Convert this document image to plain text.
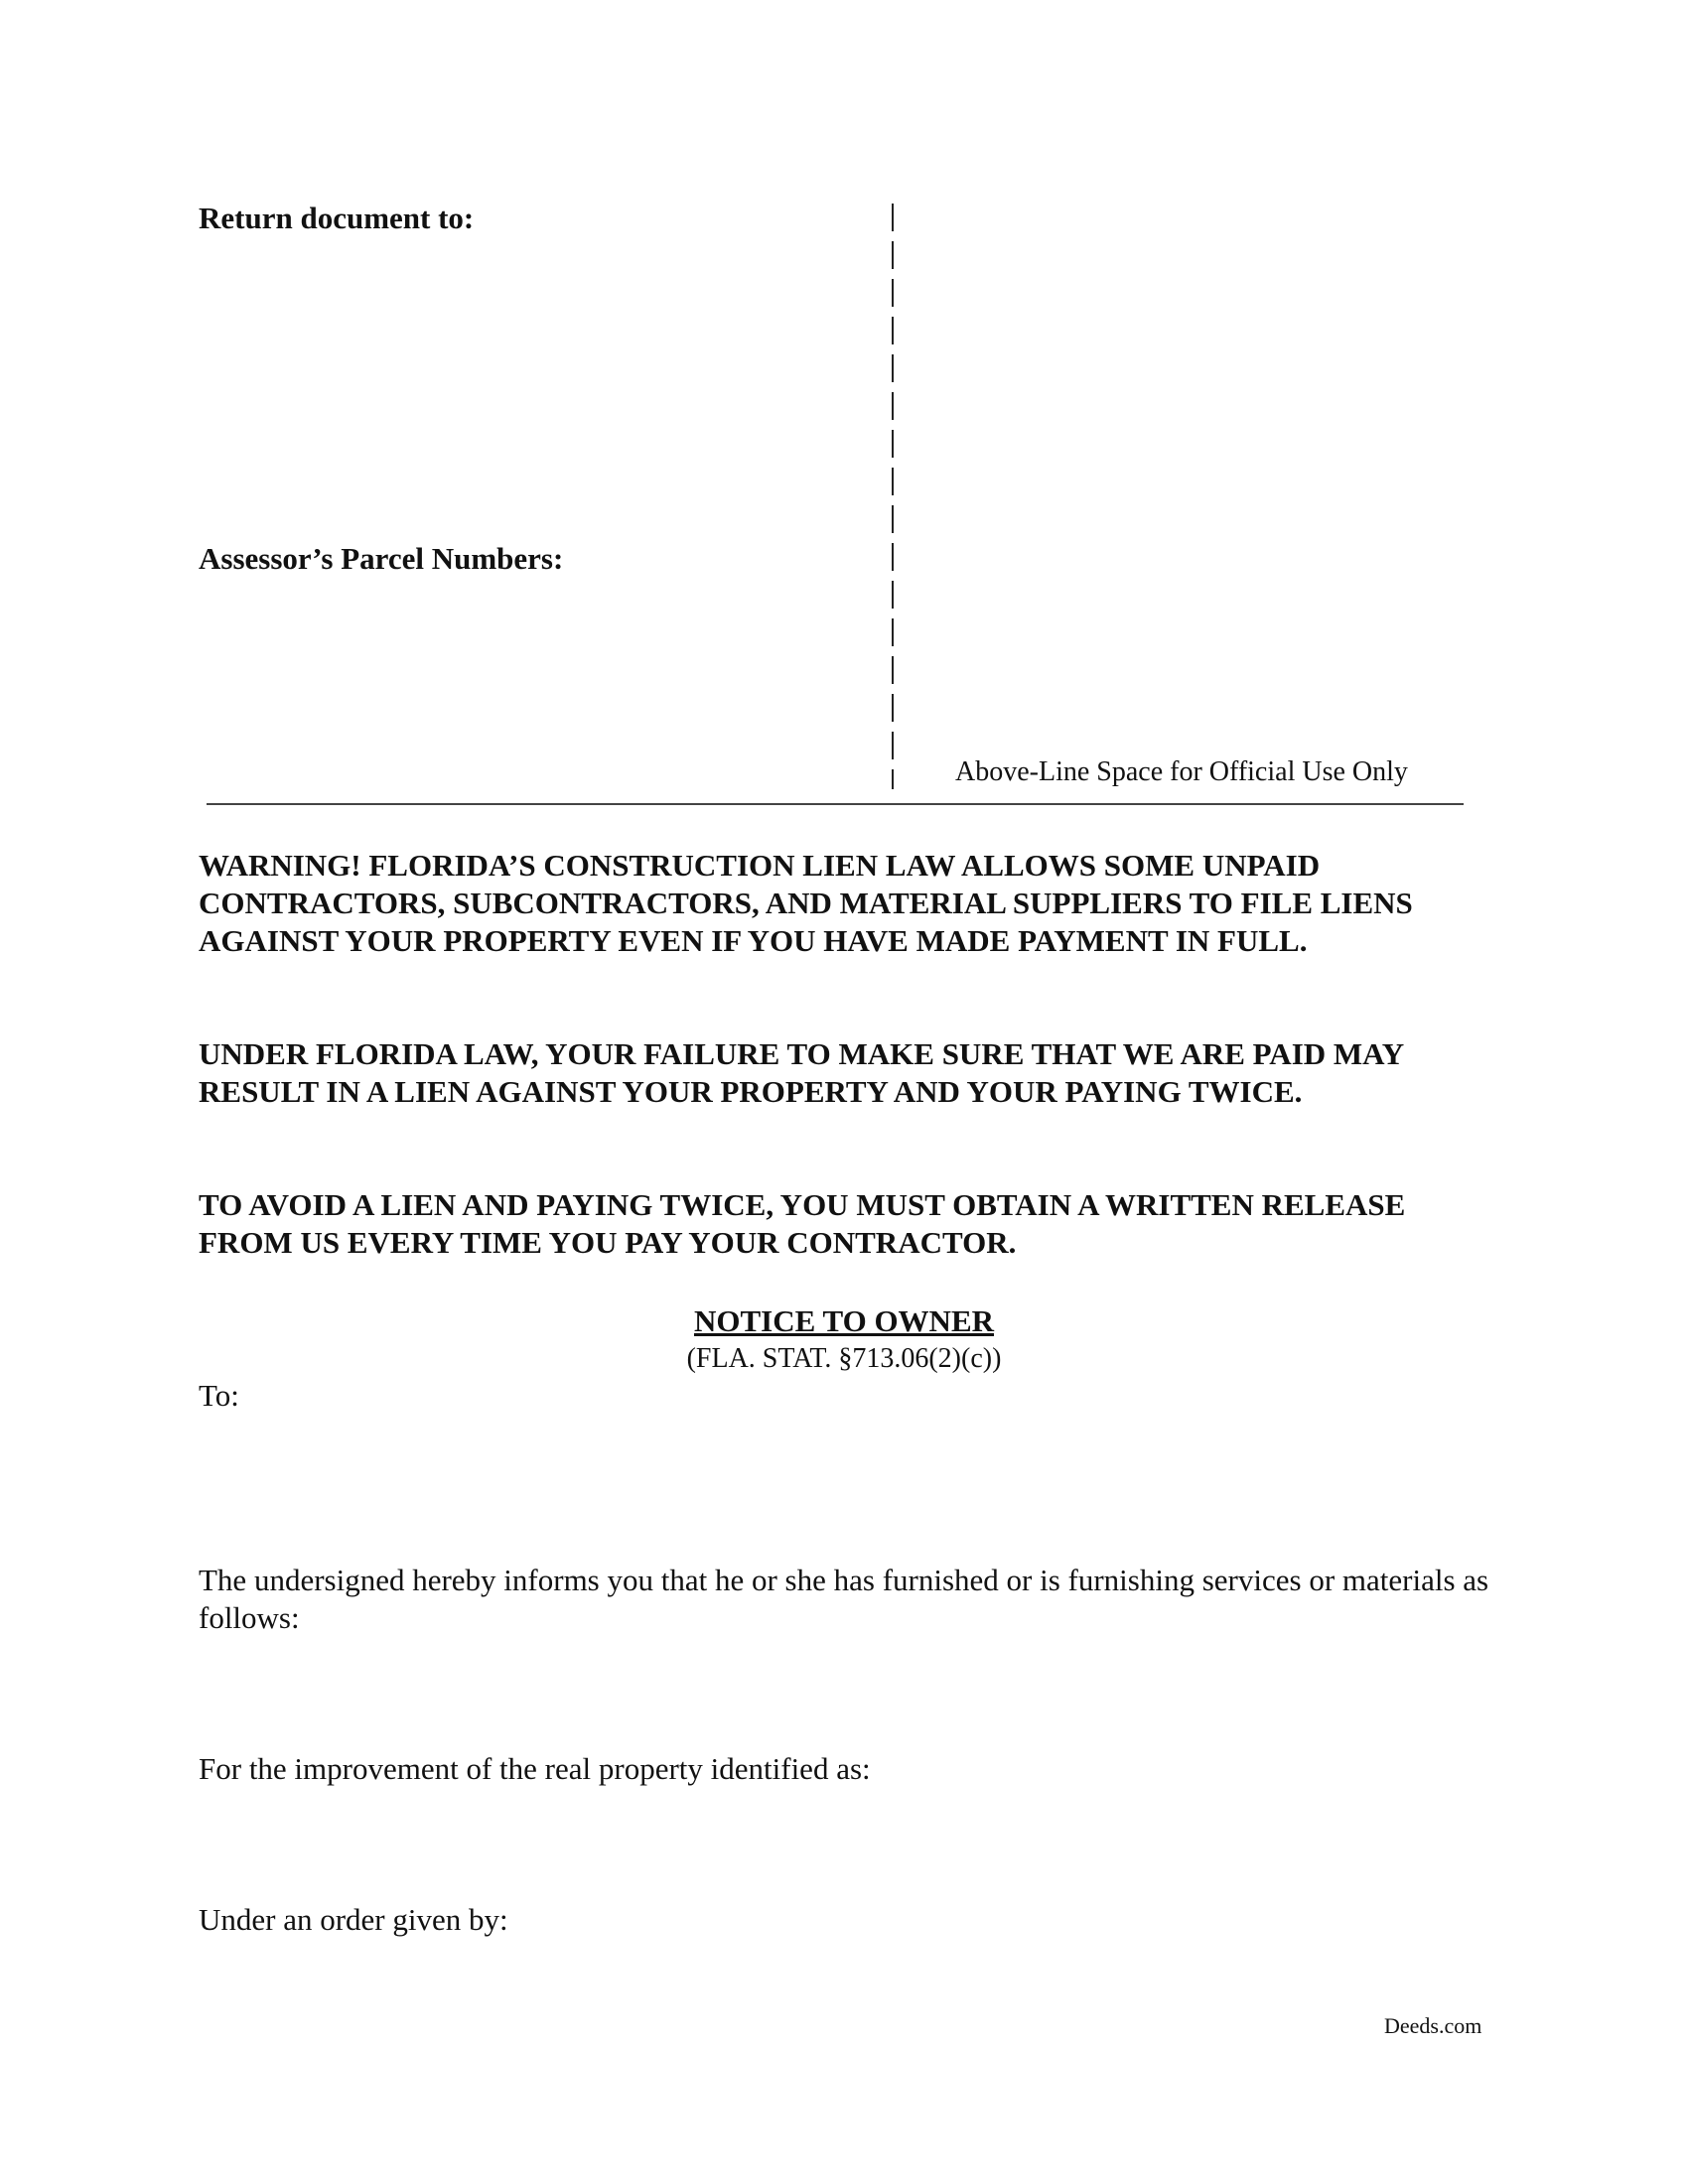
Return document to:
Assessor’s Parcel Numbers:
Above-Line Space for Official Use Only
WARNING! FLORIDA’S CONSTRUCTION LIEN LAW ALLOWS SOME UNPAID CONTRACTORS, SUBCONTRACTORS, AND MATERIAL SUPPLIERS TO FILE LIENS AGAINST YOUR PROPERTY EVEN IF YOU HAVE MADE PAYMENT IN FULL.
UNDER FLORIDA LAW, YOUR FAILURE TO MAKE SURE THAT WE ARE PAID MAY RESULT IN A LIEN AGAINST YOUR PROPERTY AND YOUR PAYING TWICE.
TO AVOID A LIEN AND PAYING TWICE, YOU MUST OBTAIN A WRITTEN RELEASE FROM US EVERY TIME YOU PAY YOUR CONTRACTOR.
NOTICE TO OWNER
(FLA. STAT. §713.06(2)(c))
To:
The undersigned hereby informs you that he or she has furnished or is furnishing services or materials as follows:
For the improvement of the real property identified as:
Under an order given by:
Deeds.com
